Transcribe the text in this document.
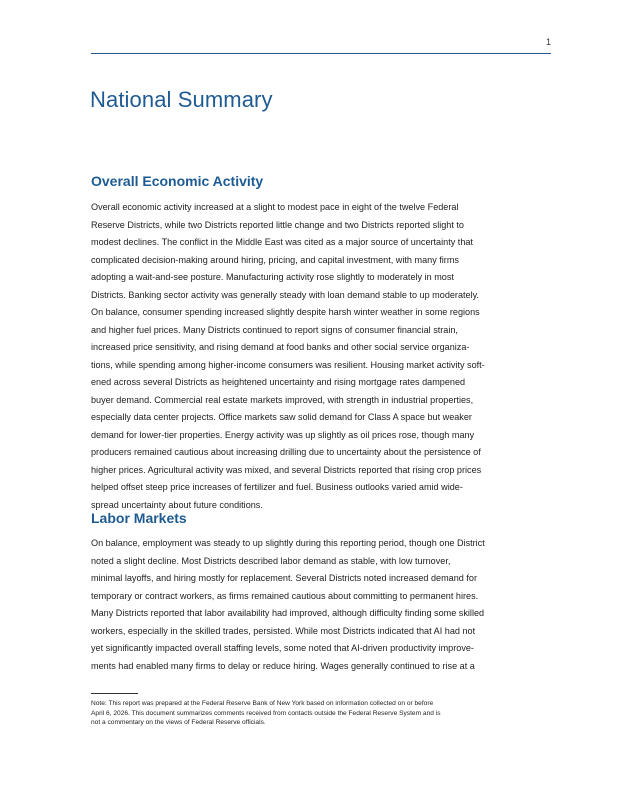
1
National Summary
Overall Economic Activity

Overall economic activity increased at a slight to modest pace in eight of the twelve Federal
Reserve Districts, while two Districts reported little change and two Districts reported slight to
modest declines. The conflict in the Middle East was cited as a major source of uncertainty that
complicated decision-making around hiring, pricing, and capital investment, with many firms
adopting a wait-and-see posture. Manufacturing activity rose slightly to moderately in most
Districts. Banking sector activity was generally steady with loan demand stable to up moderately.
On balance, consumer spending increased slightly despite harsh winter weather in some regions
and higher fuel prices. Many Districts continued to report signs of consumer financial strain,
increased price sensitivity, and rising demand at food banks and other social service organiza-
tions, while spending among higher-income consumers was resilient. Housing market activity soft-
ened across several Districts as heightened uncertainty and rising mortgage rates dampened
buyer demand. Commercial real estate markets improved, with strength in industrial properties,
especially data center projects. Office markets saw solid demand for Class A space but weaker
demand for lower-tier properties. Energy activity was up slightly as oil prices rose, though many
producers remained cautious about increasing drilling due to uncertainty about the persistence of
higher prices. Agricultural activity was mixed, and several Districts reported that rising crop prices
helped offset steep price increases of fertilizer and fuel. Business outlooks varied amid wide-
spread uncertainty about future conditions.

Labor Markets

On balance, employment was steady to up slightly during this reporting period, though one District
noted a slight decline. Most Districts described labor demand as stable, with low turnover,
minimal layoffs, and hiring mostly for replacement. Several Districts noted increased demand for
temporary or contract workers, as firms remained cautious about committing to permanent hires.
Many Districts reported that labor availability had improved, although difficulty finding some skilled
workers, especially in the skilled trades, persisted. While most Districts indicated that AI had not
yet significantly impacted overall staffing levels, some noted that AI-driven productivity improve-
ments had enabled many firms to delay or reduce hiring. Wages generally continued to rise at a

Note: This report was prepared at the Federal Reserve Bank of New York based on information collected on or before
April 6, 2026. This document summarizes comments received from contacts outside the Federal Reserve System and is
not a commentary on the views of Federal Reserve officials.
